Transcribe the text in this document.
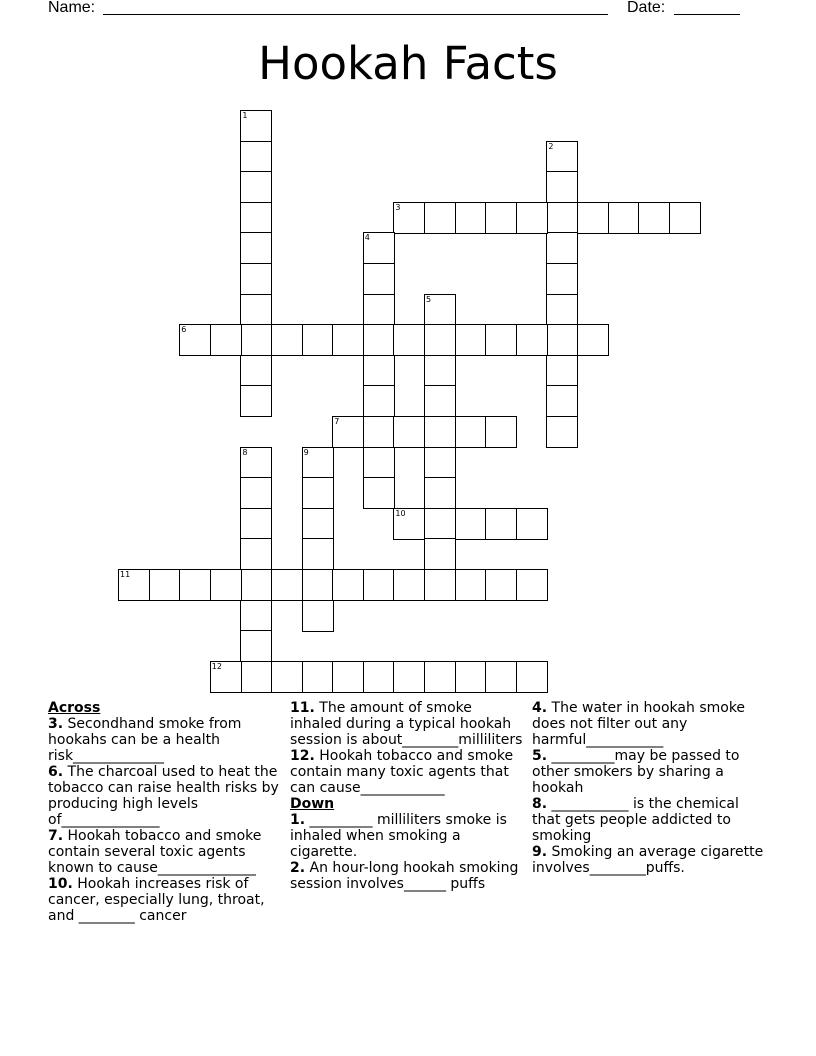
Name:	Date:
Hookah Facts
1
2
3
4
5
6
7
8	9
10
11
12

Across

3. Secondhand smoke from hookahs can be a health risk_____________

6. The charcoal used to heat the tobacco can raise health risks by producing high levels of______________

7. Hookah tobacco and smoke contain several toxic agents known to cause______________

10. Hookah increases risk of cancer, especially lung, throat, and ________ cancer

11. The amount of smoke inhaled during a typical hookah session is about________milliliters

12. Hookah tobacco and smoke contain many toxic agents that can cause____________

Down

1. _________ milliliters smoke is inhaled when smoking a cigarette.

2. An hour-long hookah smoking session involves______ puffs

4. The water in hookah smoke does not filter out any harmful___________

5. _________may be passed to other smokers by sharing a hookah

8. ___________ is the chemical that gets people addicted to smoking

9. Smoking an average cigarette involves________puffs.
